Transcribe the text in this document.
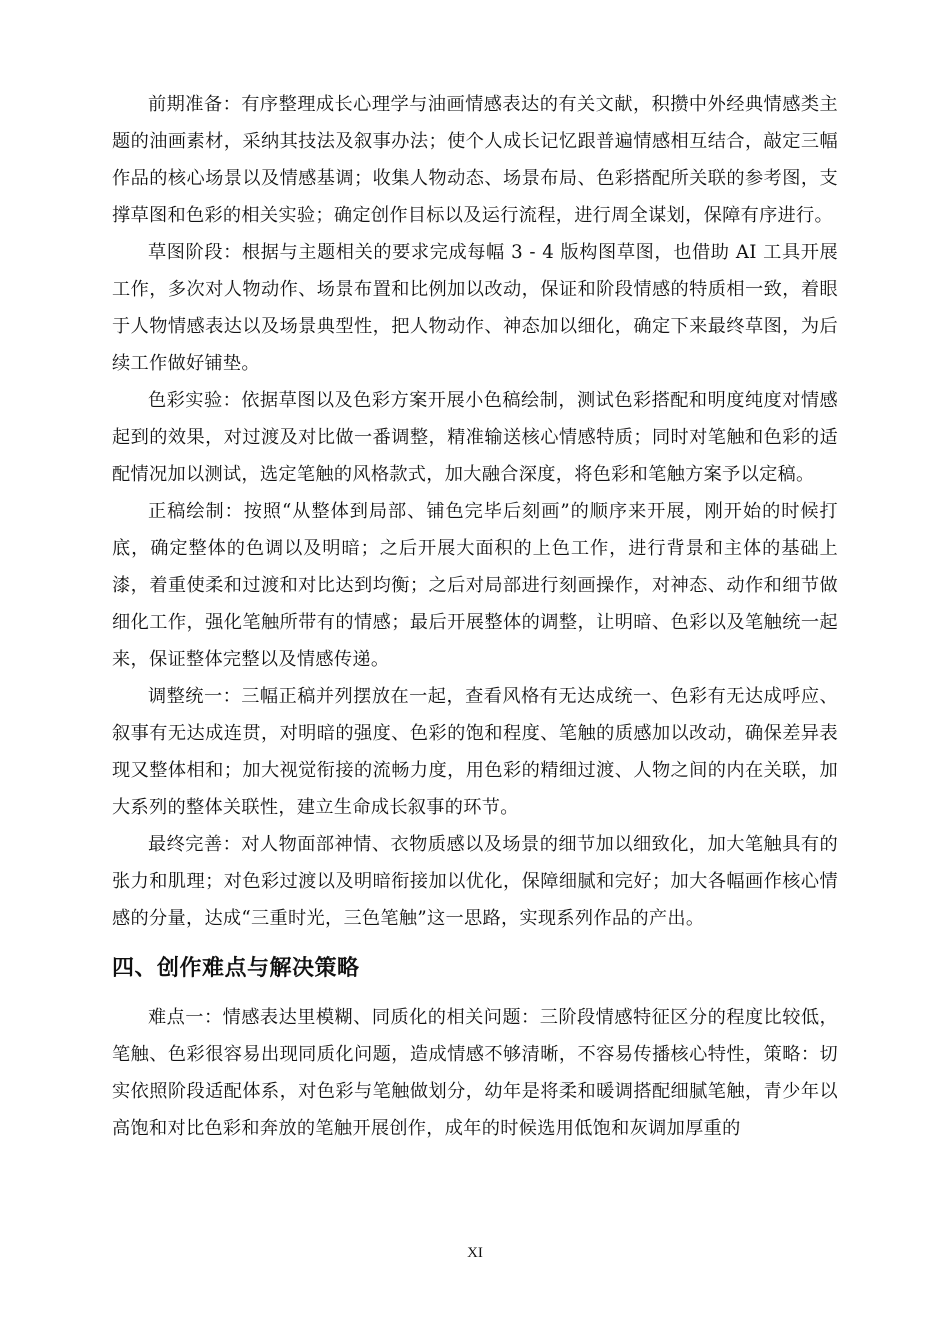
前期准备：有序整理成长心理学与油画情感表达的有关文献，积攒中外经典情感类主题的油画素材，采纳其技法及叙事办法；使个人成长记忆跟普遍情感相互结合，敲定三幅作品的核心场景以及情感基调；收集人物动态、场景布局、色彩搭配所关联的参考图，支撑草图和色彩的相关实验；确定创作目标以及运行流程，进行周全谋划，保障有序进行。

草图阶段：根据与主题相关的要求完成每幅 3 - 4 版构图草图，也借助 AI 工具开展工作，多次对人物动作、场景布置和比例加以改动，保证和阶段情感的特质相一致，着眼于人物情感表达以及场景典型性，把人物动作、神态加以细化，确定下来最终草图，为后续工作做好铺垫。

色彩实验：依据草图以及色彩方案开展小色稿绘制，测试色彩搭配和明度纯度对情感起到的效果，对过渡及对比做一番调整，精准输送核心情感特质；同时对笔触和色彩的适配情况加以测试，选定笔触的风格款式，加大融合深度，将色彩和笔触方案予以定稿。

正稿绘制：按照“从整体到局部、铺色完毕后刻画”的顺序来开展，刚开始的时候打底，确定整体的色调以及明暗；之后开展大面积的上色工作，进行背景和主体的基础上漆，着重使柔和过渡和对比达到均衡；之后对局部进行刻画操作，对神态、动作和细节做细化工作，强化笔触所带有的情感；最后开展整体的调整，让明暗、色彩以及笔触统一起来，保证整体完整以及情感传递。

调整统一：三幅正稿并列摆放在一起，查看风格有无达成统一、色彩有无达成呼应、叙事有无达成连贯，对明暗的强度、色彩的饱和程度、笔触的质感加以改动，确保差异表现又整体相和；加大视觉衔接的流畅力度，用色彩的精细过渡、人物之间的内在关联，加大系列的整体关联性，建立生命成长叙事的环节。

最终完善：对人物面部神情、衣物质感以及场景的细节加以细致化，加大笔触具有的张力和肌理；对色彩过渡以及明暗衔接加以优化，保障细腻和完好；加大各幅画作核心情感的分量，达成“三重时光，三色笔触”这一思路，实现系列作品的产出。

四、创作难点与解决策略

难点一：情感表达里模糊、同质化的相关问题：三阶段情感特征区分的程度比较低，笔触、色彩很容易出现同质化问题，造成情感不够清晰，不容易传播核心特性，策略：切实依照阶段适配体系，对色彩与笔触做划分，幼年是将柔和暖调搭配细腻笔触，青少年以高饱和对比色彩和奔放的笔触开展创作，成年的时候选用低饱和灰调加厚重的

XI
